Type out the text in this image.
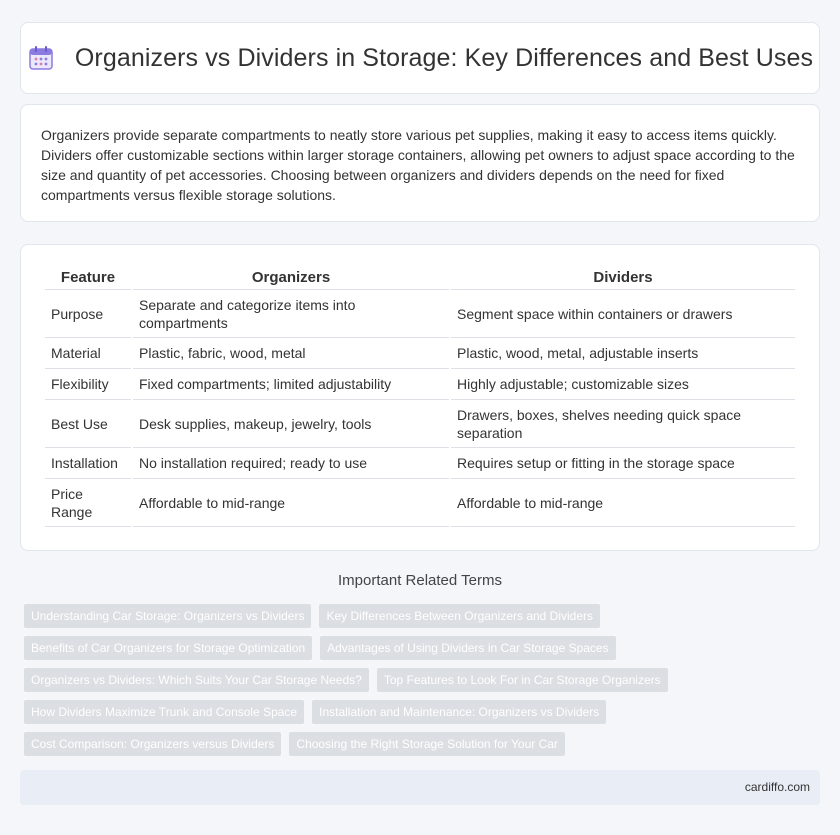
Organizers vs Dividers in Storage: Key Differences and Best Uses

Organizers provide separate compartments to neatly store various pet supplies, making it easy to access items quickly. Dividers offer customizable sections within larger storage containers, allowing pet owners to adjust space according to the size and quantity of pet accessories. Choosing between organizers and dividers depends on the need for fixed compartments versus flexible storage solutions.

Feature	Organizers	Dividers
Purpose	Separate and categorize items into compartments	Segment space within containers or drawers
Material	Plastic, fabric, wood, metal	Plastic, wood, metal, adjustable inserts
Flexibility	Fixed compartments; limited adjustability	Highly adjustable; customizable sizes
Best Use	Desk supplies, makeup, jewelry, tools	Drawers, boxes, shelves needing quick space separation
Installation	No installation required; ready to use	Requires setup or fitting in the storage space
Price Range	Affordable to mid-range	Affordable to mid-range
Important Related Terms
Understanding Car Storage: Organizers vs Dividers	Key Differences Between Organizers and Dividers
Benefits of Car Organizers for Storage Optimization	Advantages of Using Dividers in Car Storage Spaces
Organizers vs Dividers: Which Suits Your Car Storage Needs?	Top Features to Look For in Car Storage Organizers
How Dividers Maximize Trunk and Console Space	Installation and Maintenance: Organizers vs Dividers
Cost Comparison: Organizers versus Dividers	Choosing the Right Storage Solution for Your Car
cardiffo.com
